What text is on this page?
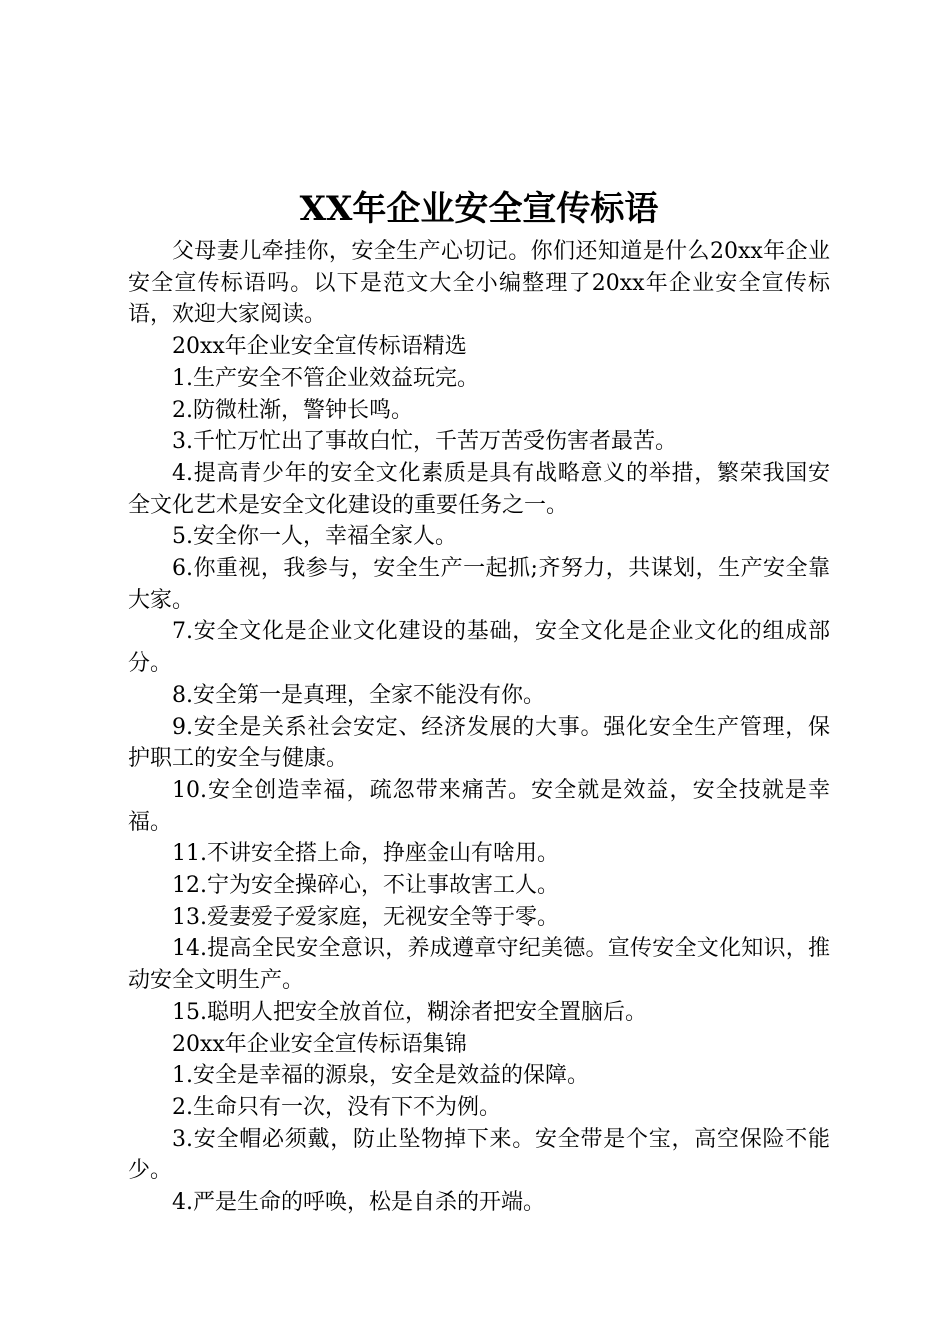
XX年企业安全宣传标语

父母妻儿牵挂你，安全生产心切记。你们还知道是什么20xx年企业安全宣传标语吗。以下是范文大全小编整理了20xx年企业安全宣传标语，欢迎大家阅读。

20xx年企业安全宣传标语精选

1.生产安全不管企业效益玩完。

2.防微杜渐，警钟长鸣。

3.千忙万忙出了事故白忙，千苦万苦受伤害者最苦。

4.提高青少年的安全文化素质是具有战略意义的举措，繁荣我国安全文化艺术是安全文化建设的重要任务之一。

5.安全你一人，幸福全家人。

6.你重视，我参与，安全生产一起抓;齐努力，共谋划，生产安全靠大家。

7.安全文化是企业文化建设的基础，安全文化是企业文化的组成部分。

8.安全第一是真理，全家不能没有你。

9.安全是关系社会安定、经济发展的大事。强化安全生产管理，保护职工的安全与健康。

10.安全创造幸福，疏忽带来痛苦。安全就是效益，安全技就是幸福。

11.不讲安全搭上命，挣座金山有啥用。

12.宁为安全操碎心，不让事故害工人。

13.爱妻爱子爱家庭，无视安全等于零。

14.提高全民安全意识，养成遵章守纪美德。宣传安全文化知识，推动安全文明生产。

15.聪明人把安全放首位，糊涂者把安全置脑后。

20xx年企业安全宣传标语集锦

1.安全是幸福的源泉，安全是效益的保障。

2.生命只有一次，没有下不为例。

3.安全帽必须戴，防止坠物掉下来。安全带是个宝，高空保险不能少。

4.严是生命的呼唤，松是自杀的开端。
